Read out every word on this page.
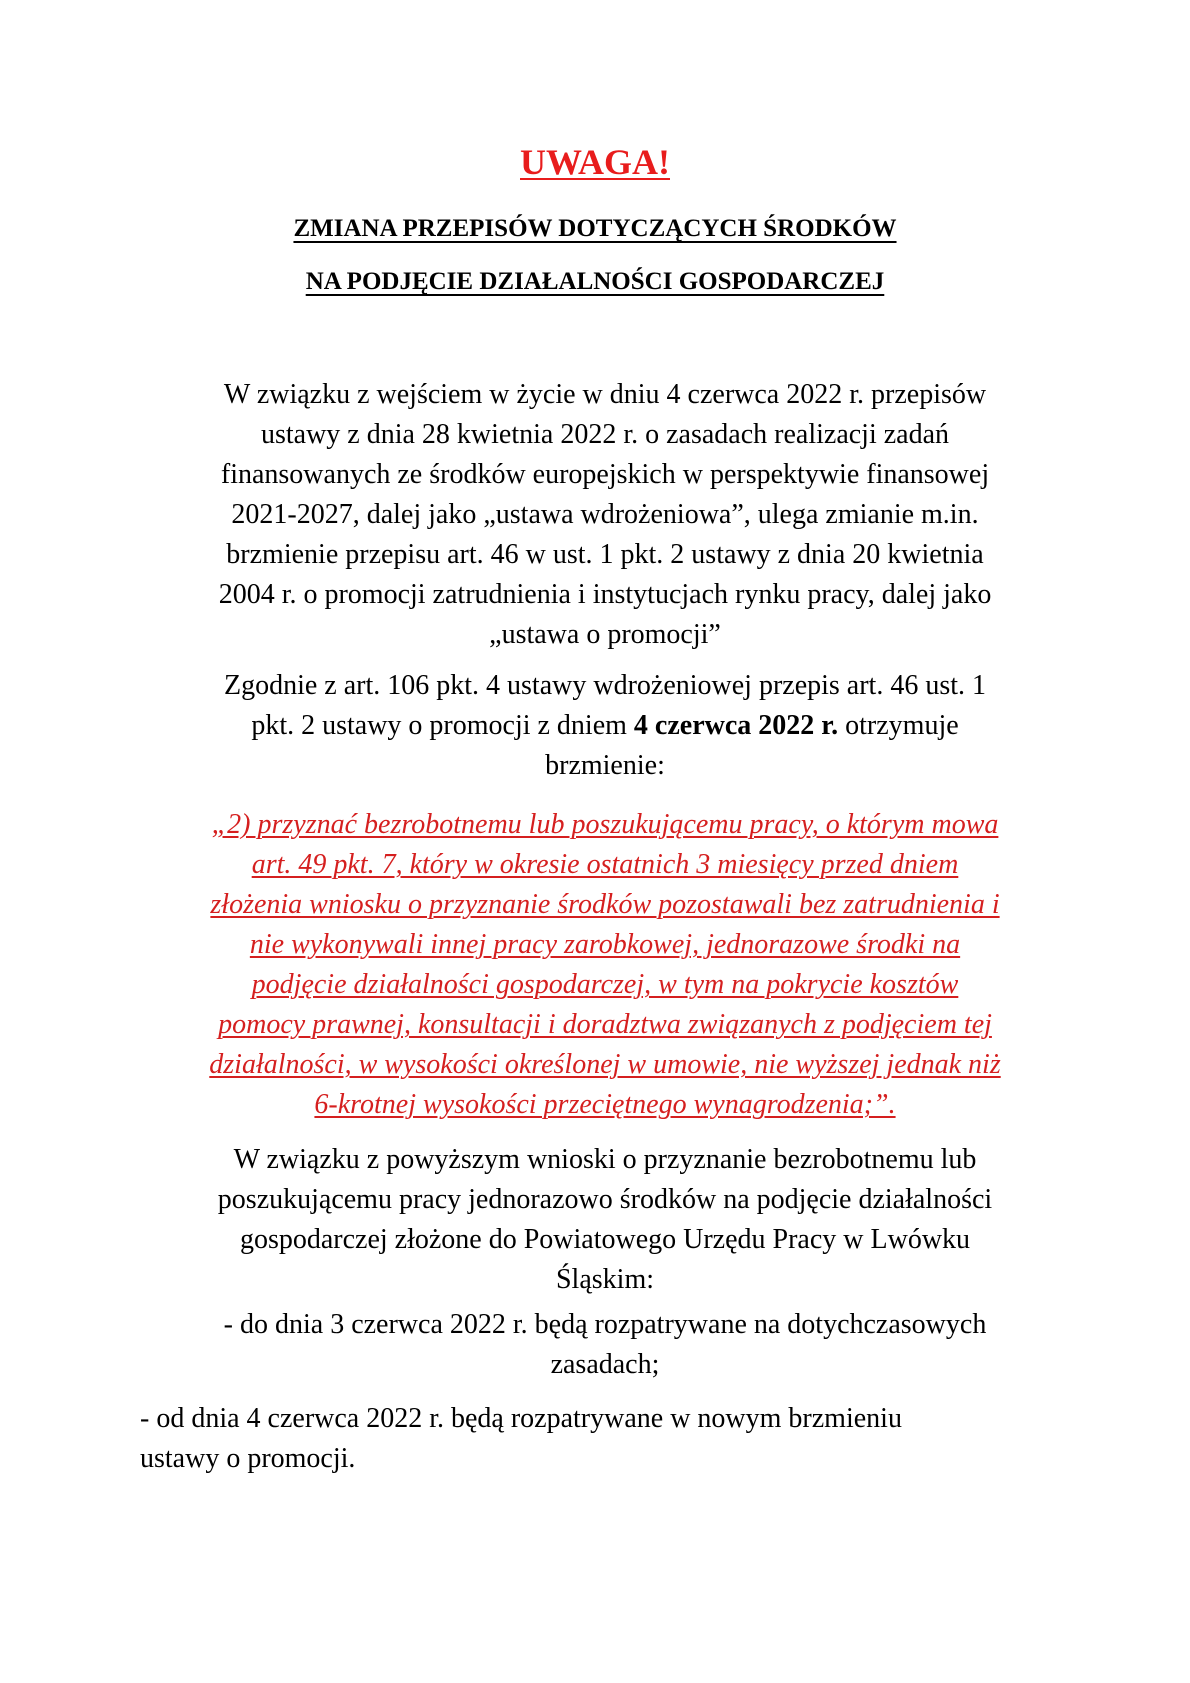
UWAGA!
ZMIANA PRZEPISÓW DOTYCZĄCYCH ŚRODKÓW
NA PODJĘCIE DZIAŁALNOŚCI GOSPODARCZEJ
W związku z wejściem w życie w dniu 4 czerwca 2022 r. przepisów
ustawy z dnia 28 kwietnia 2022 r. o zasadach realizacji zadań
finansowanych ze środków europejskich w perspektywie finansowej
2021-2027, dalej jako „ustawa wdrożeniowa”, ulega zmianie m.in.
brzmienie przepisu art. 46 w ust. 1 pkt. 2 ustawy z dnia 20 kwietnia
2004 r. o promocji zatrudnienia i instytucjach rynku pracy, dalej jako
„ustawa o promocji”
Zgodnie z art. 106 pkt. 4 ustawy wdrożeniowej przepis art. 46 ust. 1
pkt. 2 ustawy o promocji z dniem 4 czerwca 2022 r. otrzymuje
brzmienie:
„2) przyznać bezrobotnemu lub poszukującemu pracy, o którym mowa
art. 49 pkt. 7, który w okresie ostatnich 3 miesięcy przed dniem
złożenia wniosku o przyznanie środków pozostawali bez zatrudnienia i
nie wykonywali innej pracy zarobkowej, jednorazowe środki na
podjęcie działalności gospodarczej, w tym na pokrycie kosztów
pomocy prawnej, konsultacji i doradztwa związanych z podjęciem tej
działalności, w wysokości określonej w umowie, nie wyższej jednak niż
6-krotnej wysokości przeciętnego wynagrodzenia;”.
W związku z powyższym wnioski o przyznanie bezrobotnemu lub
poszukującemu pracy jednorazowo środków na podjęcie działalności
gospodarczej złożone do Powiatowego Urzędu Pracy w Lwówku
Śląskim:
- do dnia 3 czerwca 2022 r. będą rozpatrywane na dotychczasowych
zasadach;
- od dnia 4 czerwca 2022 r. będą rozpatrywane w nowym brzmieniu
ustawy o promocji.
